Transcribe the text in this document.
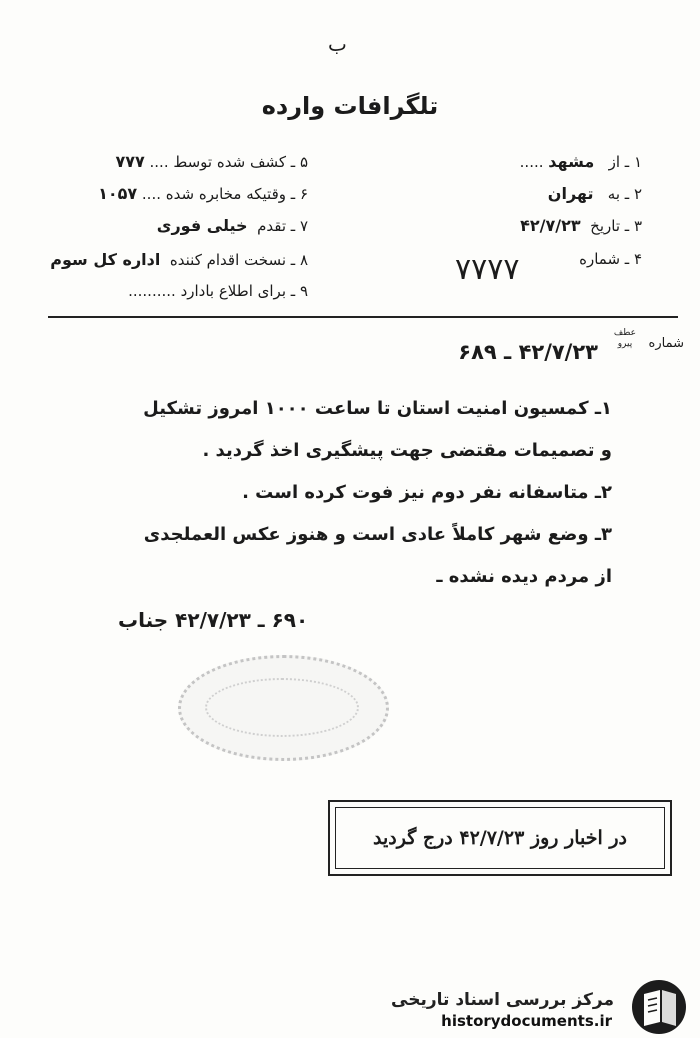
ب
تلگرافات وارده
۱ ـ از   مشهد .....
۲ ـ به   تهران
۳ ـ تاریخ  ۴۲/۷/۲۳
۴ ـ شماره
۷۷۷۷
۵ ـ کشف شده توسط .... ۷۷۷
۶ ـ وقتیکه مخابره شده .... ۱۰۵۷
۷ ـ تقدم  خیلی فوری
۸ ـ نسخت اقدام کننده  اداره کل سوم
۹ ـ برای اطلاع بادارد ..........
شماره
عطف
پیرو
۴۲/۷/۲۳ ـ ۶۸۹
۱ـ کمسیون امنیت استان تا ساعت ۱۰۰۰ امروز تشکیل
و تصمیمات مقتضی جهت پیشگیری اخذ گردید .
۲ـ متاسفانه نفر دوم نیز فوت کرده است .
۳ـ وضع شهر کاملاً عادی است و هنوز عکس العملجدی
از مردم دیده نشده ـ
۶۹۰ ـ ۴۲/۷/۲۳ جناب
در اخبار روز ۴۲/۷/۲۳ درج گردید
مرکز بررسی اسناد تاریخی
historydocuments.ir
